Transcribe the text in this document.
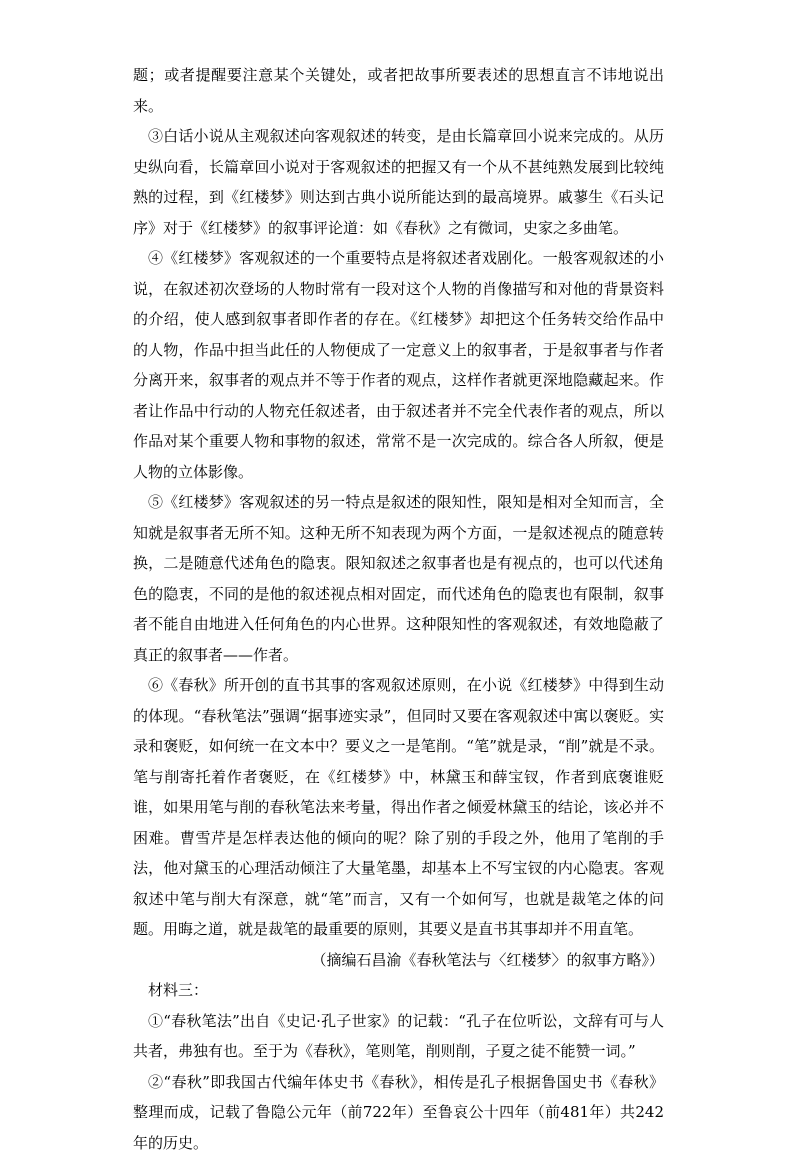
题；或者提醒要注意某个关键处，或者把故事所要表述的思想直言不讳地说出来。

③白话小说从主观叙述向客观叙述的转变，是由长篇章回小说来完成的。从历史纵向看，长篇章回小说对于客观叙述的把握又有一个从不甚纯熟发展到比较纯熟的过程，到《红楼梦》则达到古典小说所能达到的最高境界。戚蓼生《石头记序》对于《红楼梦》的叙事评论道：如《春秋》之有微词，史家之多曲笔。

④《红楼梦》客观叙述的一个重要特点是将叙述者戏剧化。一般客观叙述的小说，在叙述初次登场的人物时常有一段对这个人物的肖像描写和对他的背景资料的介绍，使人感到叙事者即作者的存在。《红楼梦》却把这个任务转交给作品中的人物，作品中担当此任的人物便成了一定意义上的叙事者，于是叙事者与作者分离开来，叙事者的观点并不等于作者的观点，这样作者就更深地隐藏起来。作者让作品中行动的人物充任叙述者，由于叙述者并不完全代表作者的观点，所以作品对某个重要人物和事物的叙述，常常不是一次完成的。综合各人所叙，便是人物的立体影像。

⑤《红楼梦》客观叙述的另一特点是叙述的限知性，限知是相对全知而言，全知就是叙事者无所不知。这种无所不知表现为两个方面，一是叙述视点的随意转换，二是随意代述角色的隐衷。限知叙述之叙事者也是有视点的，也可以代述角色的隐衷，不同的是他的叙述视点相对固定，而代述角色的隐衷也有限制，叙事者不能自由地进入任何角色的内心世界。这种限知性的客观叙述，有效地隐蔽了真正的叙事者——作者。

⑥《春秋》所开创的直书其事的客观叙述原则，在小说《红楼梦》中得到生动的体现。“春秋笔法”强调“据事迹实录”，但同时又要在客观叙述中寓以褒贬。实录和褒贬，如何统一在文本中？要义之一是笔削。“笔”就是录，“削”就是不录。笔与削寄托着作者褒贬，在《红楼梦》中，林黛玉和薛宝钗，作者到底褒谁贬谁，如果用笔与削的春秋笔法来考量，得出作者之倾爱林黛玉的结论，该必并不困难。曹雪芹是怎样表达他的倾向的呢？除了别的手段之外，他用了笔削的手法，他对黛玉的心理活动倾注了大量笔墨，却基本上不写宝钗的内心隐衷。客观叙述中笔与削大有深意，就“笔”而言，又有一个如何写，也就是裁笔之体的问题。用晦之道，就是裁笔的最重要的原则，其要义是直书其事却并不用直笔。

（摘编石昌渝《春秋笔法与〈红楼梦〉的叙事方略》）

材料三：

①“春秋笔法”出自《史记·孔子世家》的记载：“孔子在位听讼，文辞有可与人共者，弗独有也。至于为《春秋》，笔则笔，削则削，子夏之徒不能赞一词。”

②“春秋”即我国古代编年体史书《春秋》，相传是孔子根据鲁国史书《春秋》整理而成，记载了鲁隐公元年（前722年）至鲁哀公十四年（前481年）共242年的历史。
